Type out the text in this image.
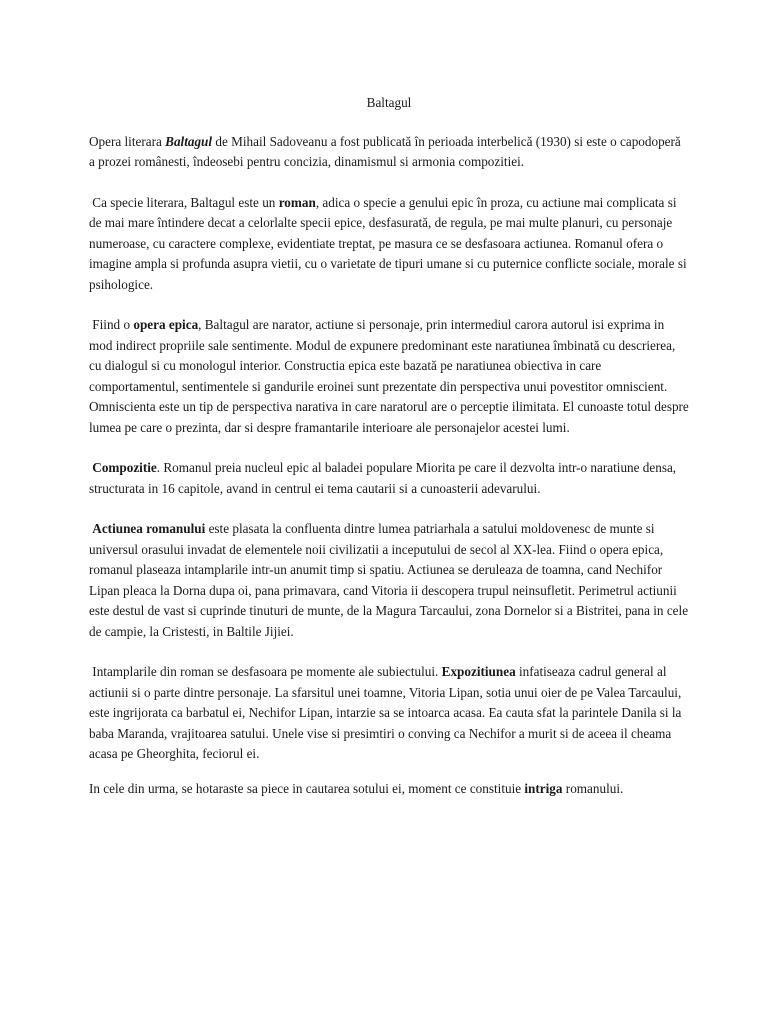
Baltagul

Opera literara Baltagul de Mihail Sadoveanu a fost publicată în perioada interbelică (1930) si este o capodoperă a prozei românesti, îndeosebi pentru concizia, dinamismul si armonia compozitiei.

Ca specie literara, Baltagul este un roman, adica o specie a genului epic în proza, cu actiune mai complicata si de mai mare întindere decat a celorlalte specii epice, desfasurată, de regula, pe mai multe planuri, cu personaje numeroase, cu caractere complexe, evidentiate treptat, pe masura ce se desfasoara actiunea. Romanul ofera o imagine ampla si profunda asupra vietii, cu o varietate de tipuri umane si cu puternice conflicte sociale, morale si psihologice.

Fiind o opera epica, Baltagul are narator, actiune si personaje, prin intermediul carora autorul isi exprima in mod indirect propriile sale sentimente. Modul de expunere predominant este naratiunea îmbinată cu descrierea, cu dialogul si cu monologul interior. Constructia epica este bazată pe naratiunea obiectiva in care comportamentul, sentimentele si gandurile eroinei sunt prezentate din perspectiva unui povestitor omniscient. Omniscienta este un tip de perspectiva narativa in care naratorul are o perceptie ilimitata. El cunoaste totul despre lumea pe care o prezinta, dar si despre framantarile interioare ale personajelor acestei lumi.

Compozitie. Romanul preia nucleul epic al baladei populare Miorita pe care il dezvolta intr-o naratiune densa, structurata in 16 capitole, avand in centrul ei tema cautarii si a cunoasterii adevarului.

Actiunea romanului este plasata la confluenta dintre lumea patriarhala a satului moldovenesc de munte si universul orasului invadat de elementele noii civilizatii a inceputului de secol al XX-lea. Fiind o opera epica, romanul plaseaza intamplarile intr-un anumit timp si spatiu. Actiunea se deruleaza de toamna, cand Nechifor Lipan pleaca la Dorna dupa oi, pana primavara, cand Vitoria ii descopera trupul neinsufletit. Perimetrul actiunii este destul de vast si cuprinde tinuturi de munte, de la Magura Tarcaului, zona Dornelor si a Bistritei, pana in cele de campie, la Cristesti, in Baltile Jijiei.

Intamplarile din roman se desfasoara pe momente ale subiectului. Expozitiunea infatiseaza cadrul general al actiunii si o parte dintre personaje. La sfarsitul unei toamne, Vitoria Lipan, sotia unui oier de pe Valea Tarcaului, este ingrijorata ca barbatul ei, Nechifor Lipan, intarzie sa se intoarca acasa. Ea cauta sfat la parintele Danila si la baba Maranda, vrajitoarea satului. Unele vise si presimtiri o conving ca Nechifor a murit si de aceea il cheama acasa pe Gheorghita, feciorul ei.

In cele din urma, se hotaraste sa piece in cautarea sotului ei, moment ce constituie intriga romanului.
